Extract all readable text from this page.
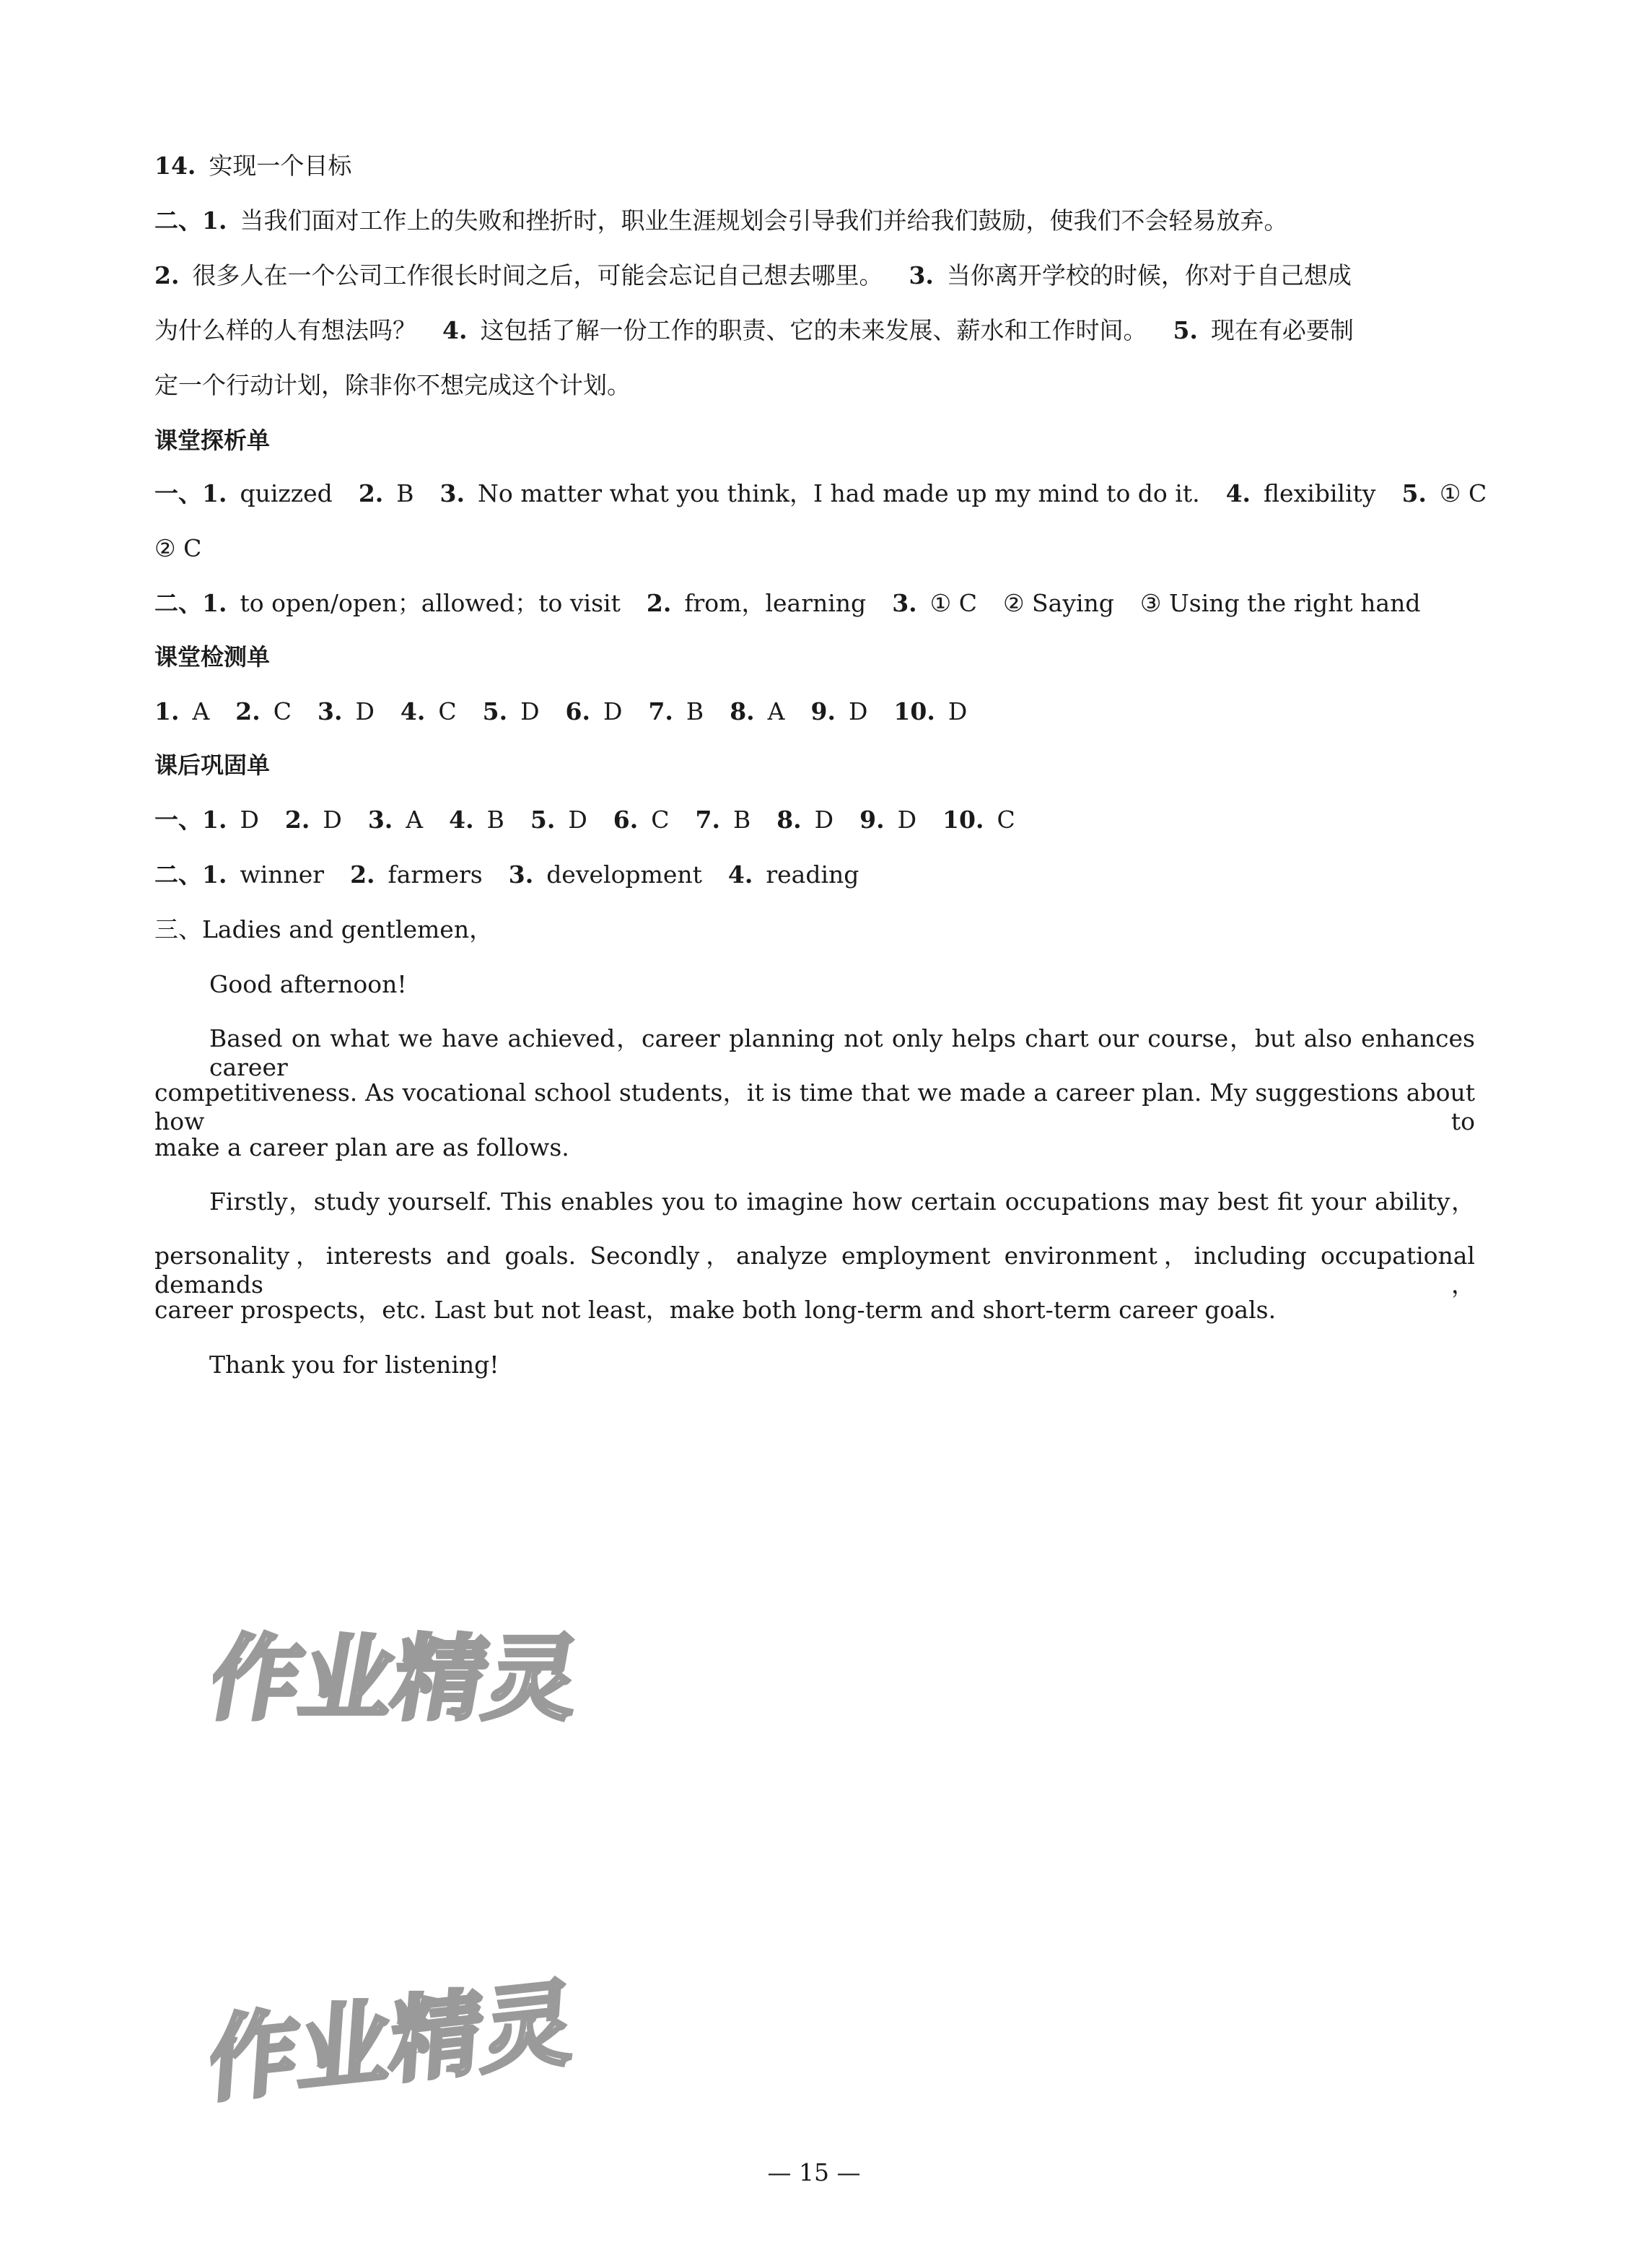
14. 实现一个目标
二、1. 当我们面对工作上的失败和挫折时，职业生涯规划会引导我们并给我们鼓励，使我们不会轻易放弃。
2. 很多人在一个公司工作很长时间之后，可能会忘记自己想去哪里。 3. 当你离开学校的时候，你对于自己想成
为什么样的人有想法吗？ 4. 这包括了解一份工作的职责、它的未来发展、薪水和工作时间。 5. 现在有必要制
定一个行动计划，除非你不想完成这个计划。
课堂探析单
一、1. quizzed 2. B 3. No matter what you think，I had made up my mind to do it. 4. flexibility 5. ① C
② C
二、1. to open/open；allowed；to visit 2. from，learning 3. ① C ② Saying ③ Using the right hand
课堂检测单
1. A 2. C 3. D 4. C 5. D 6. D 7. B 8. A 9. D 10. D
课后巩固单
一、1. D 2. D 3. A 4. B 5. D 6. C 7. B 8. D 9. D 10. C
二、1. winner 2. farmers 3. development 4. reading
三、Ladies and gentlemen，
Good afternoon!
Based on what we have achieved，career planning not only helps chart our course，but also enhances career
competitiveness. As vocational school students，it is time that we made a career plan. My suggestions about how to
make a career plan are as follows.
Firstly，study yourself. This enables you to imagine how certain occupations may best fit your ability，
personality，interests and goals. Secondly，analyze employment environment，including occupational demands，
career prospects，etc. Last but not least，make both long-term and short-term career goals.
Thank you for listening!
作业精灵
作业精灵
— 15 —
